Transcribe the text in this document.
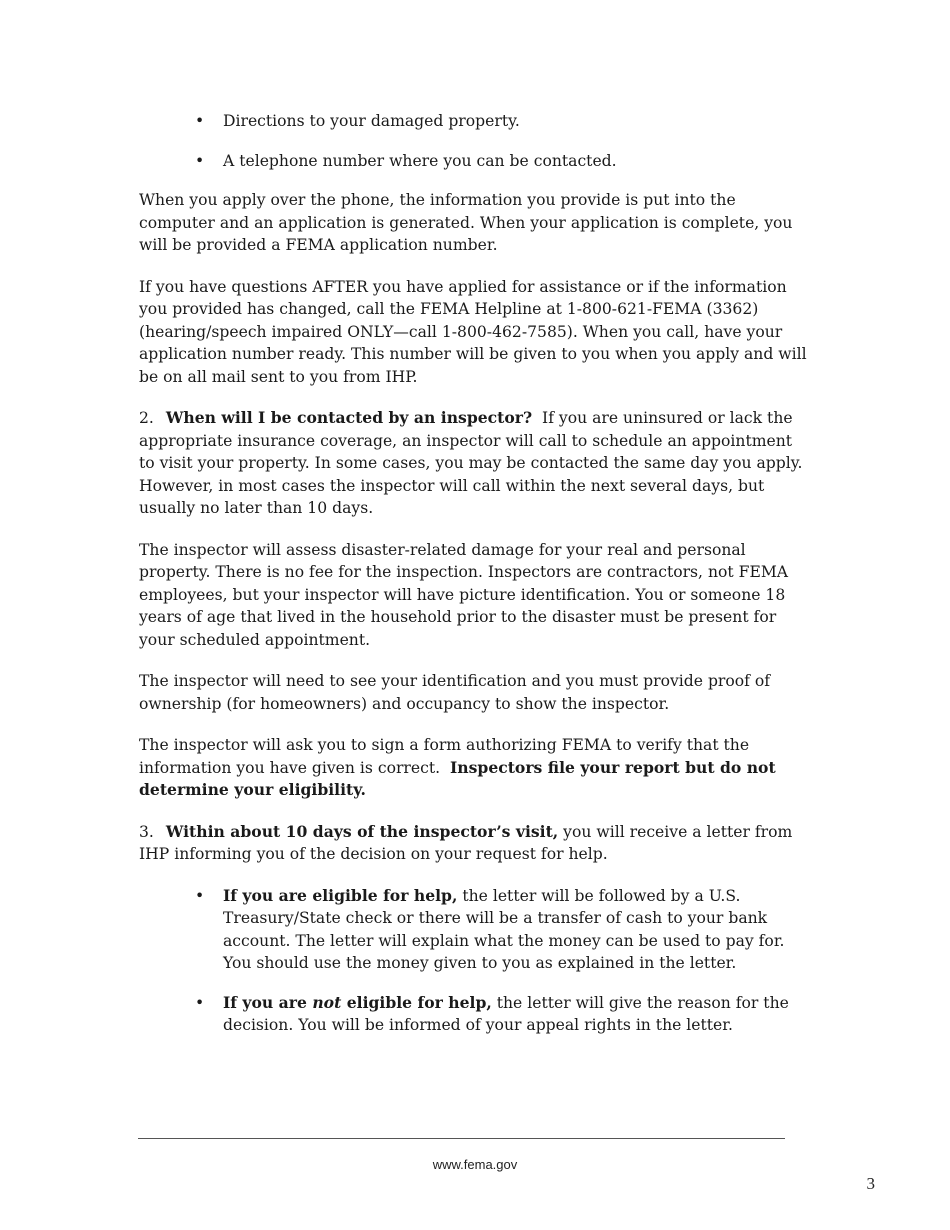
• Directions to your damaged property.
• A telephone number where you can be contacted.

When you apply over the phone, the information you provide is put into the computer and an application is generated. When your application is complete, you will be provided a FEMA application number.

If you have questions AFTER you have applied for assistance or if the information you provided has changed, call the FEMA Helpline at 1-800-621-FEMA (3362) (hearing/speech impaired ONLY—call 1-800-462-7585). When you call, have your application number ready. This number will be given to you when you apply and will be on all mail sent to you from IHP.

2. When will I be contacted by an inspector? If you are uninsured or lack the appropriate insurance coverage, an inspector will call to schedule an appointment to visit your property. In some cases, you may be contacted the same day you apply. However, in most cases the inspector will call within the next several days, but usually no later than 10 days.

The inspector will assess disaster-related damage for your real and personal property. There is no fee for the inspection. Inspectors are contractors, not FEMA employees, but your inspector will have picture identification. You or someone 18 years of age that lived in the household prior to the disaster must be present for your scheduled appointment.

The inspector will need to see your identification and you must provide proof of ownership (for homeowners) and occupancy to show the inspector.

The inspector will ask you to sign a form authorizing FEMA to verify that the information you have given is correct. Inspectors file your report but do not determine your eligibility.

3. Within about 10 days of the inspector’s visit, you will receive a letter from IHP informing you of the decision on your request for help.

• If you are eligible for help, the letter will be followed by a U.S. Treasury/State check or there will be a transfer of cash to your bank account. The letter will explain what the money can be used to pay for. You should use the money given to you as explained in the letter.
• If you are not eligible for help, the letter will give the reason for the decision. You will be informed of your appeal rights in the letter.
www.fema.gov
3
